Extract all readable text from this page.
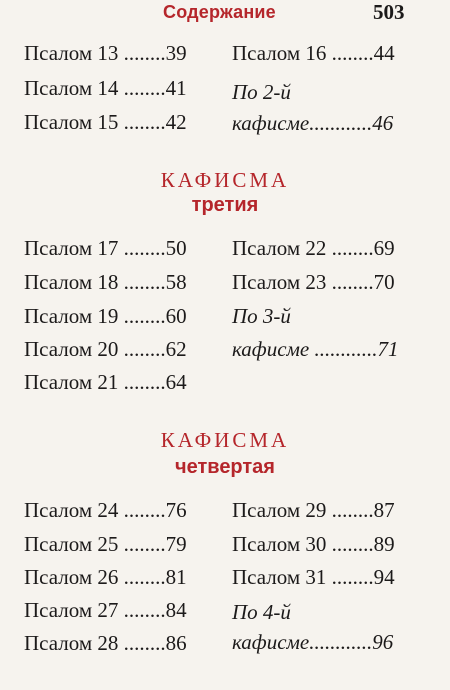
Содержание	503
Псалом 13 ........39
Псалом 14 ........41
Псалом 15 ........42
Псалом 16 ........44
По 2-й
кафисме............46
КАФИСМА
третия
Псалом 17 ........50
Псалом 18 ........58
Псалом 19 ........60
Псалом 20 ........62
Псалом 21 ........64
Псалом 22 ........69
Псалом 23 ........70
По 3-й
кафисме ............71
КАФИСМА
четвертая
Псалом 24 ........76
Псалом 25 ........79
Псалом 26 ........81
Псалом 27 ........84
Псалом 28 ........86
Псалом 29 ........87
Псалом 30 ........89
Псалом 31 ........94
По 4-й
кафисме............96
